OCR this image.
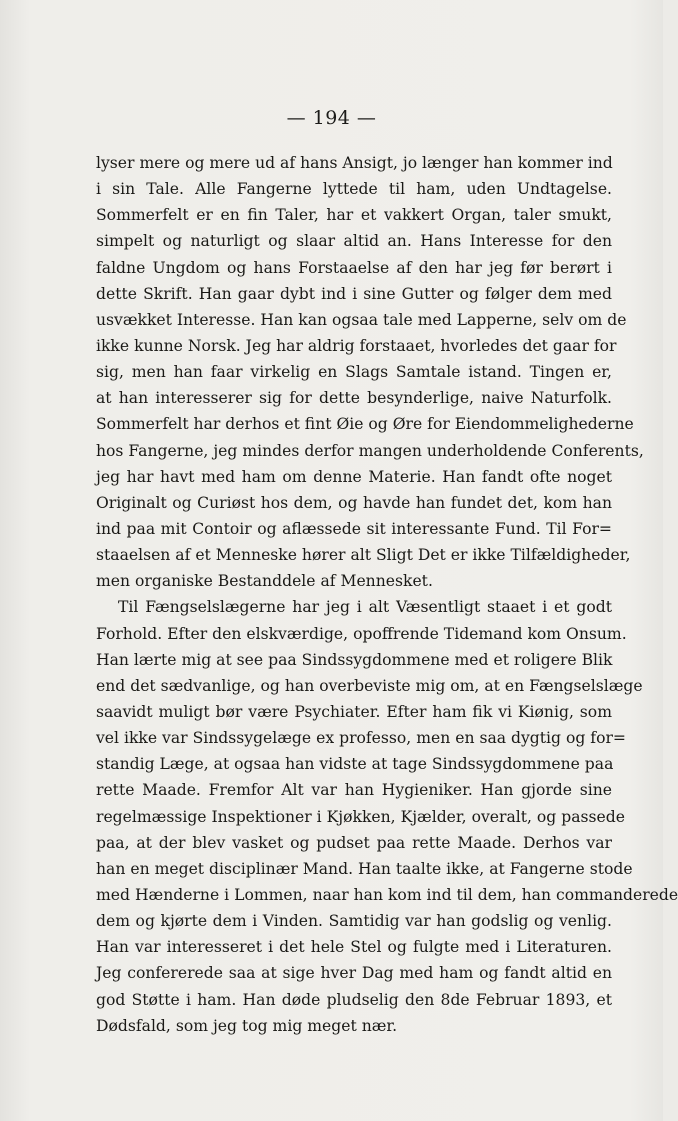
— 194 —
lyser mere og mere ud af hans Ansigt, jo længer han kommer ind
i sin Tale. Alle Fangerne lyttede til ham, uden Undtagelse.
Sommerfelt er en fin Taler, har et vakkert Organ, taler smukt,
simpelt og naturligt og slaar altid an. Hans Interesse for den
faldne Ungdom og hans Forstaaelse af den har jeg før berørt i
dette Skrift. Han gaar dybt ind i sine Gutter og følger dem med
usvækket Interesse. Han kan ogsaa tale med Lapperne, selv om de
ikke kunne Norsk. Jeg har aldrig forstaaet, hvorledes det gaar for
sig, men han faar virkelig en Slags Samtale istand. Tingen er,
at han interesserer sig for dette besynderlige, naive Naturfolk.
Sommerfelt har derhos et fint Øie og Øre for Eiendommelighederne
hos Fangerne, jeg mindes derfor mangen underholdende Conferents,
jeg har havt med ham om denne Materie. Han fandt ofte noget
Originalt og Curiøst hos dem, og havde han fundet det, kom han
ind paa mit Contoir og aflæssede sit interessante Fund. Til For=
staaelsen af et Menneske hører alt Sligt Det er ikke Tilfældigheder,
men organiske Bestanddele af Mennesket.
Til Fængselslægerne har jeg i alt Væsentligt staaet i et godt
Forhold. Efter den elskværdige, opoffrende Tidemand kom Onsum.
Han lærte mig at see paa Sindssygdommene med et roligere Blik
end det sædvanlige, og han overbeviste mig om, at en Fængselslæge
saavidt muligt bør være Psychiater. Efter ham fik vi Kiønig, som
vel ikke var Sindssygelæge ex professo, men en saa dygtig og for=
standig Læge, at ogsaa han vidste at tage Sindssygdommene paa
rette Maade. Fremfor Alt var han Hygieniker. Han gjorde sine
regelmæssige Inspektioner i Kjøkken, Kjælder, overalt, og passede
paa, at der blev vasket og pudset paa rette Maade. Derhos var
han en meget disciplinær Mand. Han taalte ikke, at Fangerne stode
med Hænderne i Lommen, naar han kom ind til dem, han commanderede
dem og kjørte dem i Vinden. Samtidig var han godslig og venlig.
Han var interesseret i det hele Stel og fulgte med i Literaturen.
Jeg confererede saa at sige hver Dag med ham og fandt altid en
god Støtte i ham. Han døde pludselig den 8de Februar 1893, et
Dødsfald, som jeg tog mig meget nær.
